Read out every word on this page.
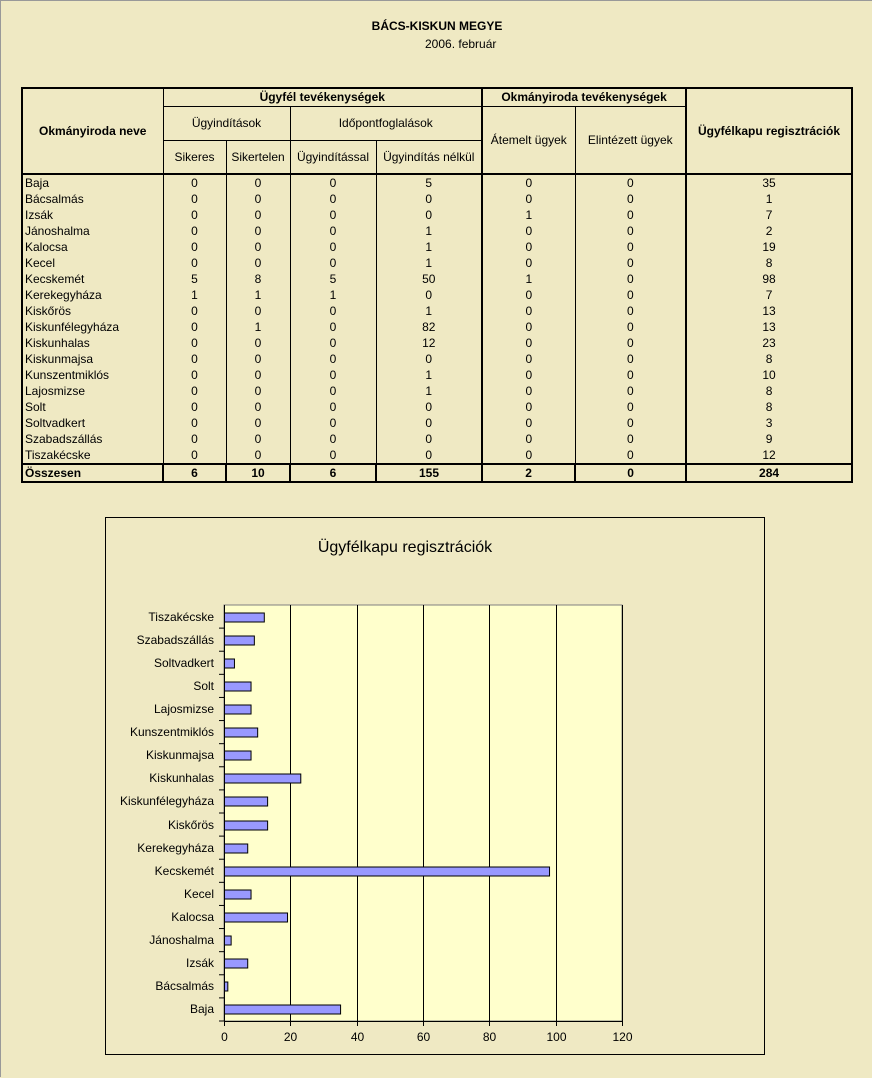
BÁCS-KISKUN MEGYE
2006. február
Okmányiroda neve	Ügyfél tevékenységek				Okmányiroda tevékenységek		Ügyfélkapu regisztrációk
	Ügyindítások		Időpontfoglalások		Átemelt ügyek	Elintézett ügyek	
	Sikeres	Sikertelen	Ügyindítással	Ügyindítás nélkül			
Baja	0	0	0	5	0	0	35
Bácsalmás	0	0	0	0	0	0	1
Izsák	0	0	0	0	1	0	7
Jánoshalma	0	0	0	1	0	0	2
Kalocsa	0	0	0	1	0	0	19
Kecel	0	0	0	1	0	0	8
Kecskemét	5	8	5	50	1	0	98
Kerekegyháza	1	1	1	0	0	0	7
Kiskőrös	0	0	0	1	0	0	13
Kiskunfélegyháza	0	1	0	82	0	0	13
Kiskunhalas	0	0	0	12	0	0	23
Kiskunmajsa	0	0	0	0	0	0	8
Kunszentmiklós	0	0	0	1	0	0	10
Lajosmizse	0	0	0	1	0	0	8
Solt	0	0	0	0	0	0	8
Soltvadkert	0	0	0	0	0	0	3
Szabadszállás	0	0	0	0	0	0	9
Tiszakécske	0	0	0	0	0	0	12
Összesen	6	10	6	155	2	0	284
Ügyfélkapu regisztrációk
0	20	40	60	80	100	120
Baja
Bácsalmás
Izsák
Jánoshalma
Kalocsa
Kecel
Kecskemét
Kerekegyháza
Kiskőrös
Kiskunfélegyháza
Kiskunhalas
Kiskunmajsa
Kunszentmiklós
Lajosmizse
Solt
Soltvadkert
Szabadszállás
Tiszakécske
